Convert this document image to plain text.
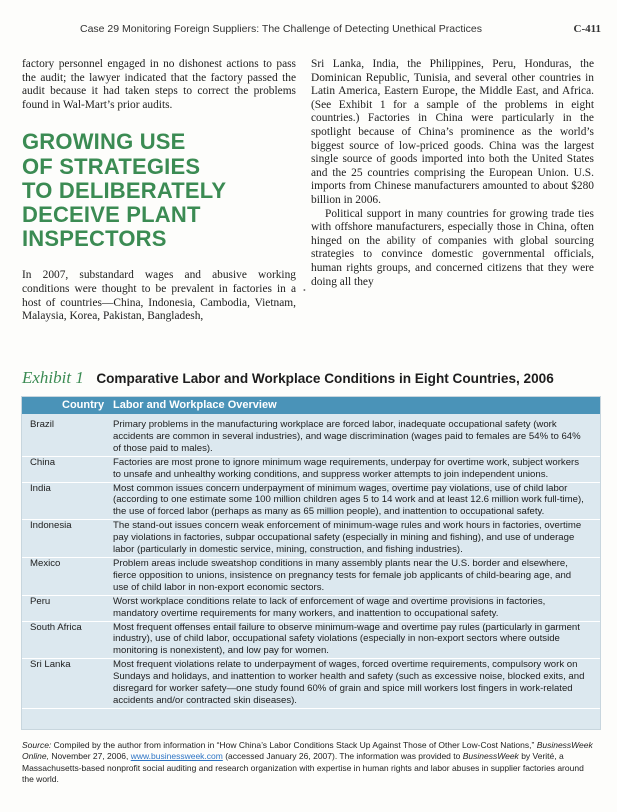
Case 29 Monitoring Foreign Suppliers: The Challenge of Detecting Unethical Practices	C-411

factory personnel engaged in no dishonest actions to pass the audit; the lawyer indicated that the factory passed the audit because it had taken steps to correct the problems found in Wal-Mart’s prior audits.

GROWING USE
OF STRATEGIES
TO DELIBERATELY
DECEIVE PLANT
INSPECTORS

In 2007, substandard wages and abusive working conditions were thought to be prevalent in factories in a host of countries—China, Indonesia, Cambodia, Vietnam, Malaysia, Korea, Pakistan, Bangladesh,

•

Sri Lanka, India, the Philippines, Peru, Honduras, the Dominican Republic, Tunisia, and several other countries in Latin America, Eastern Europe, the Middle East, and Africa. (See Exhibit 1 for a sample of the problems in eight countries.) Factories in China were particularly in the spotlight because of China’s prominence as the world’s biggest source of low-priced goods. China was the largest single source of goods imported into both the United States and the 25 countries comprising the European Union. U.S. imports from Chinese manufacturers amounted to about $280 billion in 2006.

Political support in many countries for growing trade ties with offshore manufacturers, especially those in China, often hinged on the ability of companies with global sourcing strategies to convince domestic governmental officials, human rights groups, and concerned citizens that they were doing all they

Exhibit 1 Comparative Labor and Workplace Conditions in Eight Countries, 2006
Country Labor and Workplace Overview
Brazil	Primary problems in the manufacturing workplace are forced labor, inadequate occupational safety (work accidents are common in several industries), and wage discrimination (wages paid to females are 54% to 64% of those paid to males).
China	Factories are most prone to ignore minimum wage requirements, underpay for overtime work, subject workers to unsafe and unhealthy working conditions, and suppress worker attempts to join independent unions.
India	Most common issues concern underpayment of minimum wages, overtime pay violations, use of child labor (according to one estimate some 100 million children ages 5 to 14 work and at least 12.6 million work full-time), the use of forced labor (perhaps as many as 65 million people), and inattention to occupational safety.
Indonesia	The stand-out issues concern weak enforcement of minimum-wage rules and work hours in factories, overtime pay violations in factories, subpar occupational safety (especially in mining and fishing), and use of underage labor (particularly in domestic service, mining, construction, and fishing industries).
Mexico	Problem areas include sweatshop conditions in many assembly plants near the U.S. border and elsewhere, fierce opposition to unions, insistence on pregnancy tests for female job applicants of child-bearing age, and use of child labor in non-export economic sectors.
Peru	Worst workplace conditions relate to lack of enforcement of wage and overtime provisions in factories, mandatory overtime requirements for many workers, and inattention to occupational safety.
South Africa	Most frequent offenses entail failure to observe minimum-wage and overtime pay rules (particularly in garment industry), use of child labor, occupational safety violations (especially in non-export sectors where outside monitoring is nonexistent), and low pay for women.
Sri Lanka	Most frequent violations relate to underpayment of wages, forced overtime requirements, compulsory work on Sundays and holidays, and inattention to worker health and safety (such as excessive noise, blocked exits, and disregard for worker safety—one study found 60% of grain and spice mill workers lost fingers in work-related accidents and/or contracted skin diseases).
Source: Compiled by the author from information in “How China’s Labor Conditions Stack Up Against Those of Other Low-Cost Nations,” BusinessWeek Online, November 27, 2006, www.businessweek.com (accessed January 26, 2007). The information was provided to BusinessWeek by Verité, a Massachusetts-based nonprofit social auditing and research organization with expertise in human rights and labor abuses in supplier factories around the world.
